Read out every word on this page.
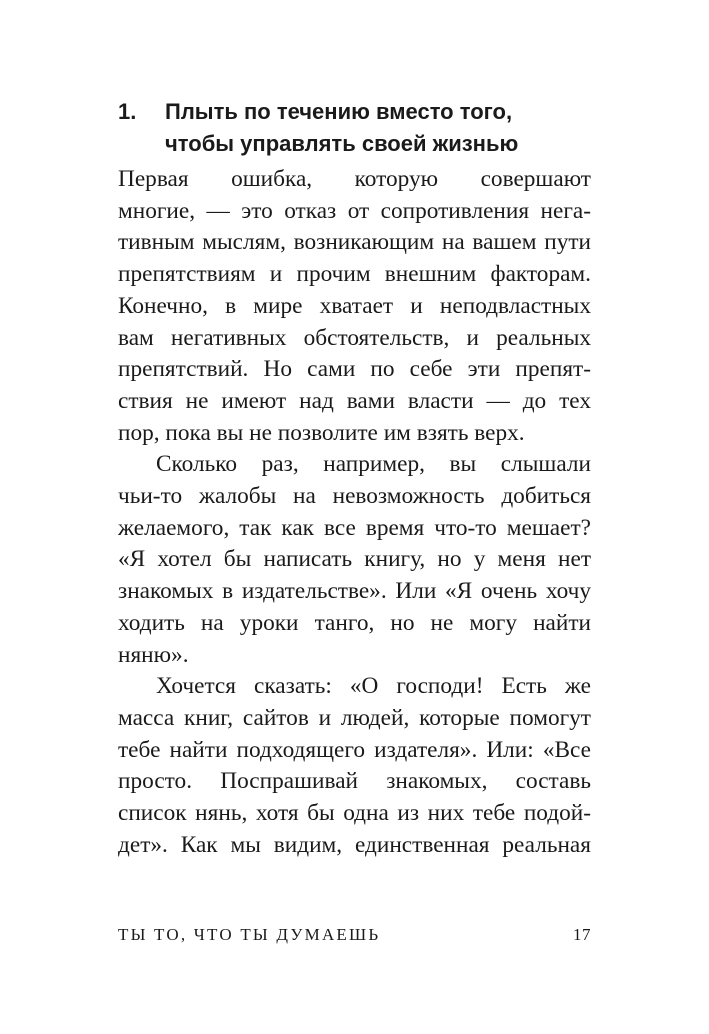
1.	Плыть по течению вместо того,
чтобы управлять своей жизнью

Первая ошибка, которую совершают
многие, — это отказ от сопротивления нега-
тивным мыслям, возникающим на вашем пути
препятствиям и прочим внешним факторам.
Конечно, в мире хватает и неподвластных
вам негативных обстоятельств, и реальных
препятствий. Но сами по себе эти препят-
ствия не имеют над вами власти — до тех
пор, пока вы не позволите им взять верх.

Сколько раз, например, вы слышали
чьи-то жалобы на невозможность добиться
желаемого, так как все время что-то мешает?
«Я хотел бы написать книгу, но у меня нет
знакомых в издательстве». Или «Я очень хочу
ходить на уроки танго, но не могу найти
няню».

Хочется сказать: «О господи! Есть же
масса книг, сайтов и людей, которые помогут
тебе найти подходящего издателя». Или: «Все
просто. Поспрашивай знакомых, составь
список нянь, хотя бы одна из них тебе подой-
дет». Как мы видим, единственная реальная

ТЫ ТО, ЧТО ТЫ ДУМАЕШЬ	17
